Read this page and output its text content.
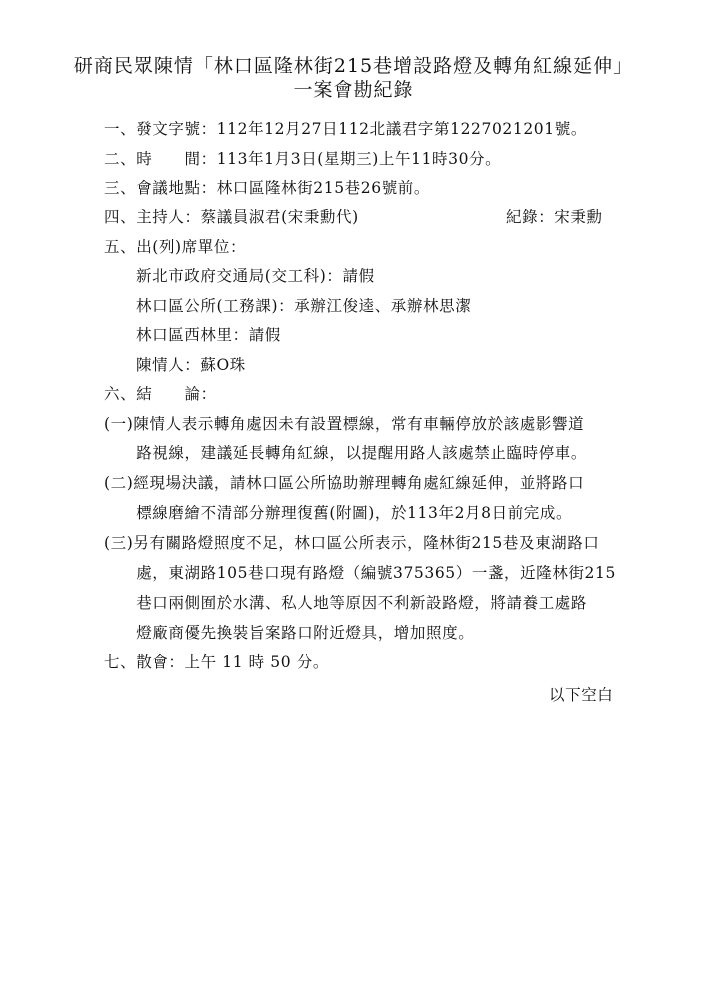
研商民眾陳情「林口區隆林街215巷增設路燈及轉角紅線延伸」
一案會勘紀錄
一、發文字號：112年12月27日112北議君字第1227021201號。
二、時　　間：113年1月3日(星期三)上午11時30分。
三、會議地點：林口區隆林街215巷26號前。
四、主持人：蔡議員淑君(宋秉勳代)	紀錄：宋秉勳
五、出(列)席單位：
新北市政府交通局(交工科)：請假
林口區公所(工務課)：承辦江俊逵、承辦林思潔
林口區西林里：請假
陳情人：蘇O珠
六、結　　論：
(一)陳情人表示轉角處因未有設置標線，常有車輛停放於該處影響道
　　路視線，建議延長轉角紅線，以提醒用路人該處禁止臨時停車。
(二)經現場決議，請林口區公所協助辦理轉角處紅線延伸，並將路口
　　標線磨繪不清部分辦理復舊(附圖)，於113年2月8日前完成。
(三)另有關路燈照度不足，林口區公所表示，隆林街215巷及東湖路口
　　處，東湖路105巷口現有路燈（編號375365）一盞，近隆林街215
　　巷口兩側囿於水溝、私人地等原因不利新設路燈，將請養工處路
　　燈廠商優先換裝旨案路口附近燈具，增加照度。
七、散會：上午 11 時 50 分。
以下空白
